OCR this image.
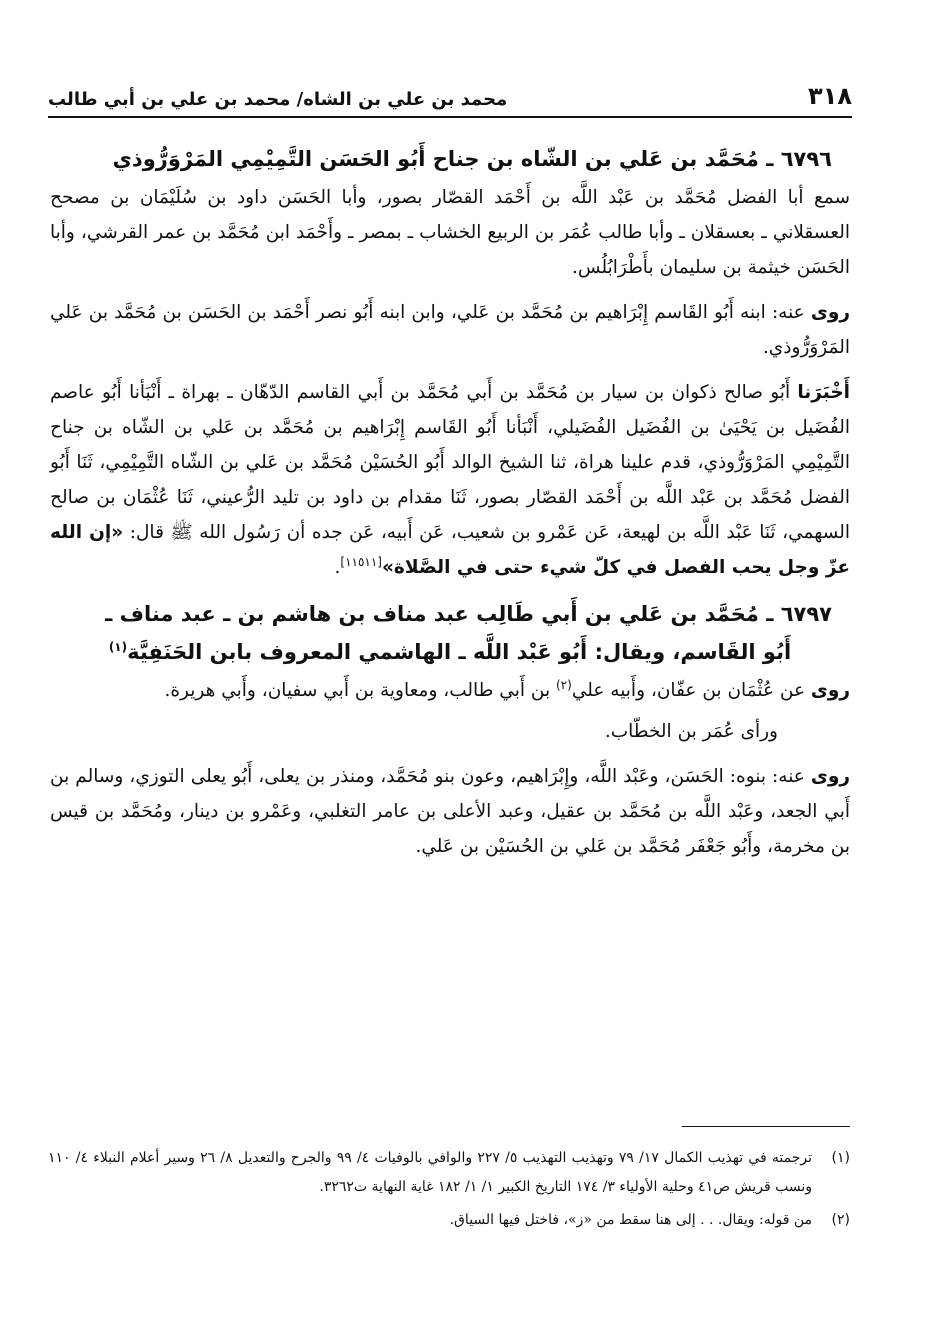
٣١٨
محمد بن علي بن الشاه/ محمد بن علي بن أبي طالب
٦٧٩٦ ـ مُحَمَّد بن عَلي بن الشّاه بن جناح أَبُو الحَسَن التَّمِيْمِي المَرْوَرُّوذي

سمع أبا الفضل مُحَمَّد بن عَبْد اللَّه بن أَحْمَد القصّار بصور، وأبا الحَسَن داود بن سُلَيْمَان بن مصحح العسقلاني ـ بعسقلان ـ وأبا طالب عُمَر بن الربيع الخشاب ـ بمصر ـ وأَحْمَد ابن مُحَمَّد بن عمر القرشي، وأبا الحَسَن خيثمة بن سليمان بأَطْرَابُلُس.

روى عنه: ابنه أَبُو القَاسم إِبْرَاهيم بن مُحَمَّد بن عَلي، وابن ابنه أَبُو نصر أَحْمَد بن الحَسَن بن مُحَمَّد بن عَلي المَرْوَرُّوذي.

أَخْبَرَنا أَبُو صالح ذكوان بن سيار بن مُحَمَّد بن أَبي مُحَمَّد بن أَبي القاسم الدّهّان ـ بهراة ـ أَنْبَأنا أَبُو عاصم الفُضَيل بن يَحْيَىٰ بن الفُضَيل الفُضَيلي، أَنْبَأنا أَبُو القَاسم إِبْرَاهيم بن مُحَمَّد بن عَلي بن الشّاه بن جناح التَّمِيْمِي المَرْوَرُّوذي، قدم علينا هراة، ثنا الشيخ الوالد أَبُو الحُسَيْن مُحَمَّد بن عَلي بن الشّاه التَّمِيْمِي، ثَنَا أَبُو الفضل مُحَمَّد بن عَبْد اللَّه بن أَحْمَد القصّار بصور، ثَنَا مقدام بن داود بن تليد الرُّعيني، ثَنَا عُثْمَان بن صالح السهمي، ثَنَا عَبْد اللَّه بن لهيعة، عَن عَمْرو بن شعيب، عَن أَبيه، عَن جده أن رَسُول الله ﷺ قال: «إن الله عزّ وجل يحب الفصل في كلّ شيء حتى في الصَّلاة»[١١٥١١].

٦٧٩٧ ـ مُحَمَّد بن عَلي بن أَبي طَالِب عبد مناف بن هاشم بن ـ عبد مناف ـ
أَبُو القَاسم، ويقال: أَبُو عَبْد اللَّه ـ الهاشمي المعروف بابن الحَنَفِيَّة$^{(١)}$

روى عن عُثْمَان بن عفّان، وأَبيه علي$^{(٢)}$ بن أَبي طالب، ومعاوية بن أَبي سفيان، وأَبي هريرة.

ورأى عُمَر بن الخطّاب.

روى عنه: بنوه: الحَسَن، وعَبْد اللَّه، وإِبْرَاهيم، وعون بنو مُحَمَّد، ومنذر بن يعلى، أَبُو يعلى التوزي، وسالم بن أَبي الجعد، وعَبْد اللَّه بن مُحَمَّد بن عقيل، وعبد الأعلى بن عامر التغلبي، وعَمْرو بن دينار، ومُحَمَّد بن قيس بن مخرمة، وأَبُو جَعْفَر مُحَمَّد بن عَلي بن الحُسَيْن بن عَلي.

(١)
ترجمته في تهذيب الكمال ١٧/ ٧٩ وتهذيب التهذيب ٥/ ٢٢٧ والوافي بالوفيات ٤/ ٩٩ والجرح والتعديل ٨/ ٢٦ وسير أعلام النبلاء ٤/ ١١٠ ونسب قريش ص٤١ وحلية الأولياء ٣/ ١٧٤ التاريخ الكبير ١/ ١/ ١٨٢ غاية النهاية ت٣٢٦٢.
(٢)
من قوله: ويقال. . . إلى هنا سقط من «ز»، فاختل فيها السياق.
